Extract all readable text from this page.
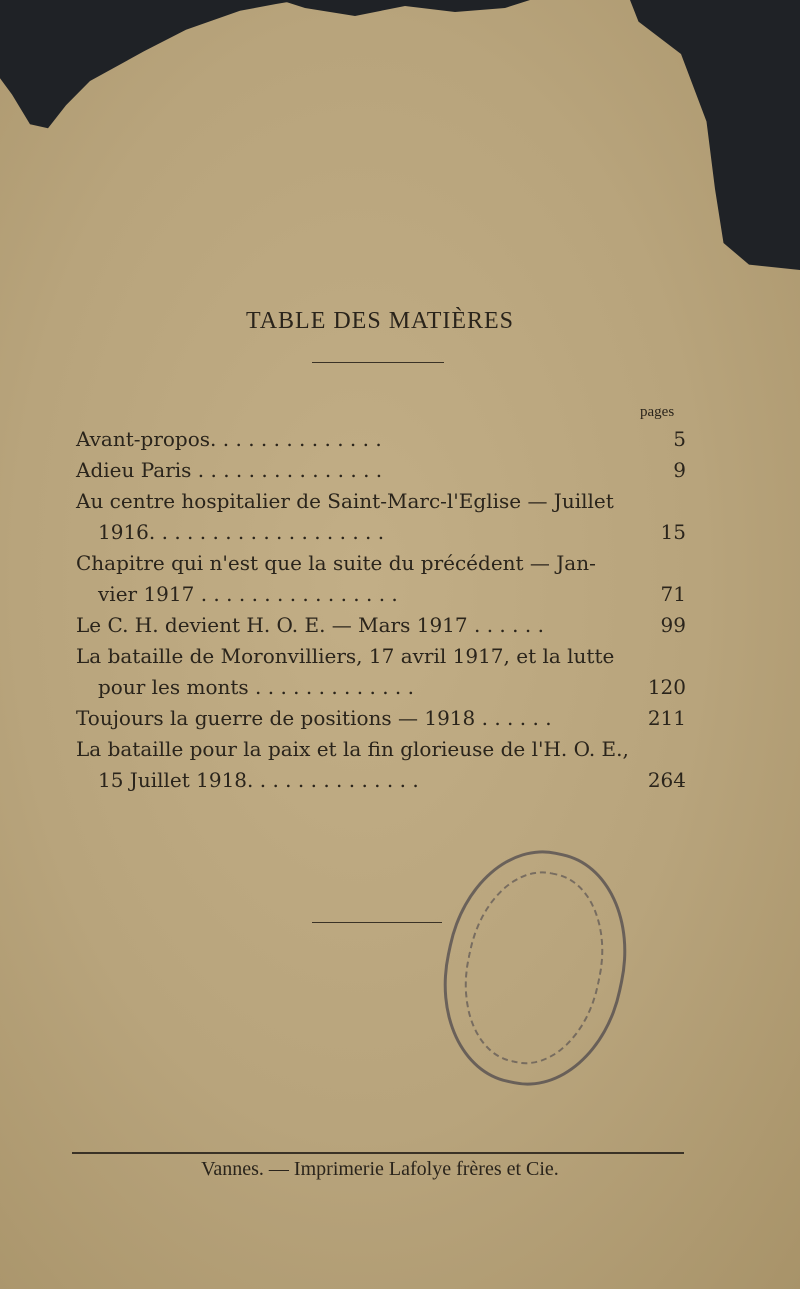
TABLE DES MATIÈRES
pages
Avant-propos. . . . . . . . . . . . . .	5
Adieu Paris . . . . . . . . . . . . . . .	9
Au centre hospitalier de Saint-Marc-l'Eglise — Juillet
1916. . . . . . . . . . . . . . . . . . .	15
Chapitre qui n'est que la suite du précédent — Jan-
vier 1917 . . . . . . . . . . . . . . . .	71
Le C. H. devient H. O. E. — Mars 1917 . . . . . .	99
La bataille de Moronvilliers, 17 avril 1917, et la lutte
pour les monts . . . . . . . . . . . . .	120
Toujours la guerre de positions — 1918 . . . . . .	211
La bataille pour la paix et la fin glorieuse de l'H. O. E.,
15 Juillet 1918. . . . . . . . . . . . . .	264
Vannes. — Imprimerie Lafolye frères et Cie.
